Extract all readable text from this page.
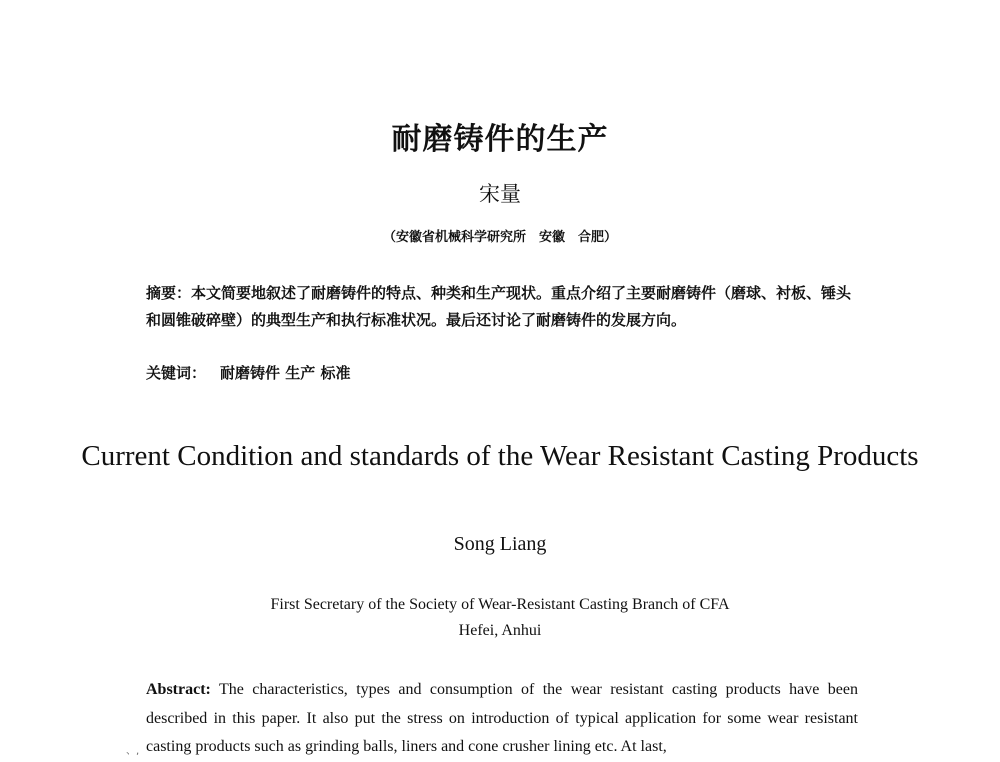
耐磨铸件的生产
宋量
（安徽省机械科学研究所　安徽　合肥）
摘要：本文简要地叙述了耐磨铸件的特点、种类和生产现状。重点介绍了主要耐磨铸件（磨球、衬板、锤头和圆锥破碎壁）的典型生产和执行标准状况。最后还讨论了耐磨铸件的发展方向。
关键词： 耐磨铸件 生产 标准
Current Condition and standards of the Wear Resistant Casting Products
Song Liang
First Secretary of the Society of Wear-Resistant Casting Branch of CFA
Hefei, Anhui
Abstract: The characteristics, types and consumption of the wear resistant casting products have been described in this paper. It also put the stress on introduction of typical application for some wear resistant casting products such as grinding balls, liners and cone crusher lining etc. At last,
、,
